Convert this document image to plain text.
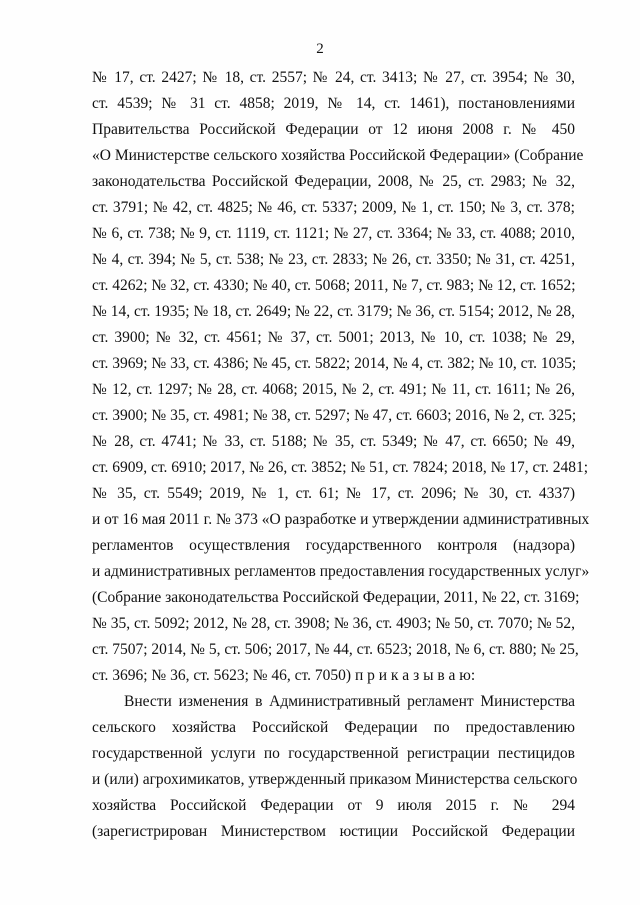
2
№ 17, ст. 2427; № 18, ст. 2557; № 24, ст. 3413; № 27, ст. 3954; № 30,
ст. 4539; № 31 ст. 4858; 2019, № 14, ст. 1461), постановлениями
Правительства Российской Федерации от 12 июня 2008 г. № 450
«О Министерстве сельского хозяйства Российской Федерации» (Собрание
законодательства Российской Федерации, 2008, № 25, ст. 2983; № 32,
ст. 3791; № 42, ст. 4825; № 46, ст. 5337; 2009, № 1, ст. 150; № 3, ст. 378;
№ 6, ст. 738; № 9, ст. 1119, ст. 1121; № 27, ст. 3364; № 33, ст. 4088; 2010,
№ 4, ст. 394; № 5, ст. 538; № 23, ст. 2833; № 26, ст. 3350; № 31, ст. 4251,
ст. 4262; № 32, ст. 4330; № 40, ст. 5068; 2011, № 7, ст. 983; № 12, ст. 1652;
№ 14, ст. 1935; № 18, ст. 2649; № 22, ст. 3179; № 36, ст. 5154; 2012, № 28,
ст. 3900; № 32, ст. 4561; № 37, ст. 5001; 2013, № 10, ст. 1038; № 29,
ст. 3969; № 33, ст. 4386; № 45, ст. 5822; 2014, № 4, ст. 382; № 10, ст. 1035;
№ 12, ст. 1297; № 28, ст. 4068; 2015, № 2, ст. 491; № 11, ст. 1611; № 26,
ст. 3900; № 35, ст. 4981; № 38, ст. 5297; № 47, ст. 6603; 2016, № 2, ст. 325;
№ 28, ст. 4741; № 33, ст. 5188; № 35, ст. 5349; № 47, ст. 6650; № 49,
ст. 6909, ст. 6910; 2017, № 26, ст. 3852; № 51, ст. 7824; 2018, № 17, ст. 2481;
№ 35, ст. 5549; 2019, № 1, ст. 61; № 17, ст. 2096; № 30, ст. 4337)
и от 16 мая 2011 г. № 373 «О разработке и утверждении административных
регламентов осуществления государственного контроля (надзора)
и административных регламентов предоставления государственных услуг»
(Собрание законодательства Российской Федерации, 2011, № 22, ст. 3169;
№ 35, ст. 5092; 2012, № 28, ст. 3908; № 36, ст. 4903; № 50, ст. 7070; № 52,
ст. 7507; 2014, № 5, ст. 506; 2017, № 44, ст. 6523; 2018, № 6, ст. 880; № 25,
ст. 3696; № 36, ст. 5623; № 46, ст. 7050) п р и к а з ы в а ю:
Внести изменения в Административный регламент Министерства
сельского хозяйства Российской Федерации по предоставлению
государственной услуги по государственной регистрации пестицидов
и (или) агрохимикатов, утвержденный приказом Министерства сельского
хозяйства Российской Федерации от 9 июля 2015 г. № 294
(зарегистрирован Министерством юстиции Российской Федерации
